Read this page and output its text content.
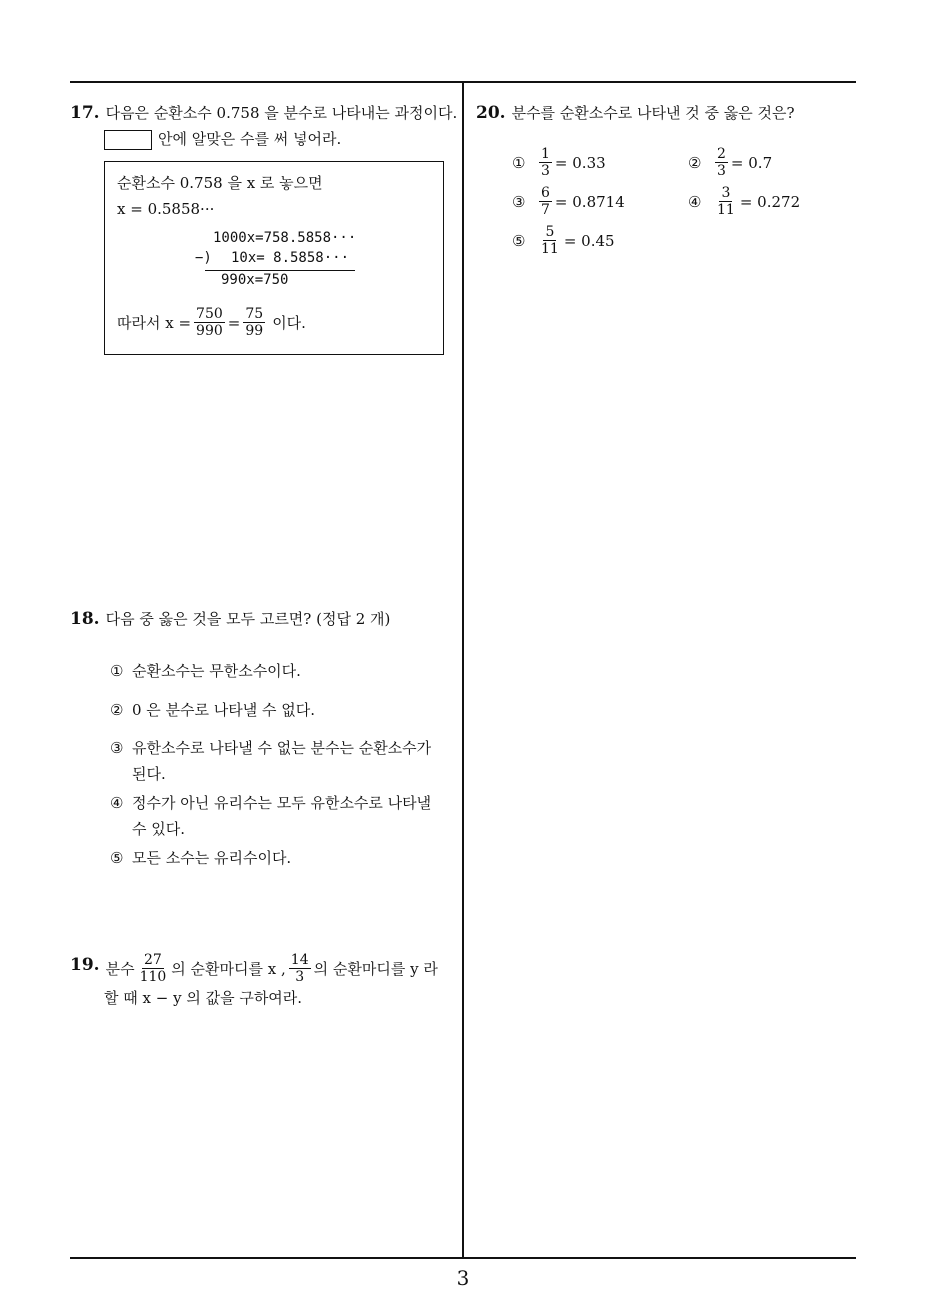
17. 다음은 순환소수 0.758 을 분수로 나타내는 과정이다.
안에 알맞은 수를 써 넣어라.
순환소수 0.758 을 x 로 놓으면
x = 0.5858···
1000x=758.5858···
−) 10x= 8.5858···
990x=750
따라서 $x = \frac{750}{990} = \frac{75}{99}$ 이다.
18. 다음 중 옳은 것을 모두 고르면? (정답 2 개)
① 순환소수는 무한소수이다.
② 0 은 분수로 나타낼 수 없다.
③ 유한소수로 나타낼 수 없는 분수는 순환소수가
된다.
④ 정수가 아닌 유리수는 모두 유한소수로 나타낼
수 있다.
⑤ 모든 소수는 유리수이다.
19. 분수 $\frac{27}{110}$ 의 순환마디를 x , $\frac{14}{3}$ 의 순환마디를 y 라
할 때 x − y 의 값을 구하여라.
20. 분수를 순환소수로 나타낸 것 중 옳은 것은?
① $\frac{1}{3} = 0.33$	② $\frac{2}{3} = 0.7$
③ $\frac{6}{7} = 0.8714$	④ $\frac{3}{11} = 0.272$
⑤ $\frac{5}{11} = 0.45$
3
